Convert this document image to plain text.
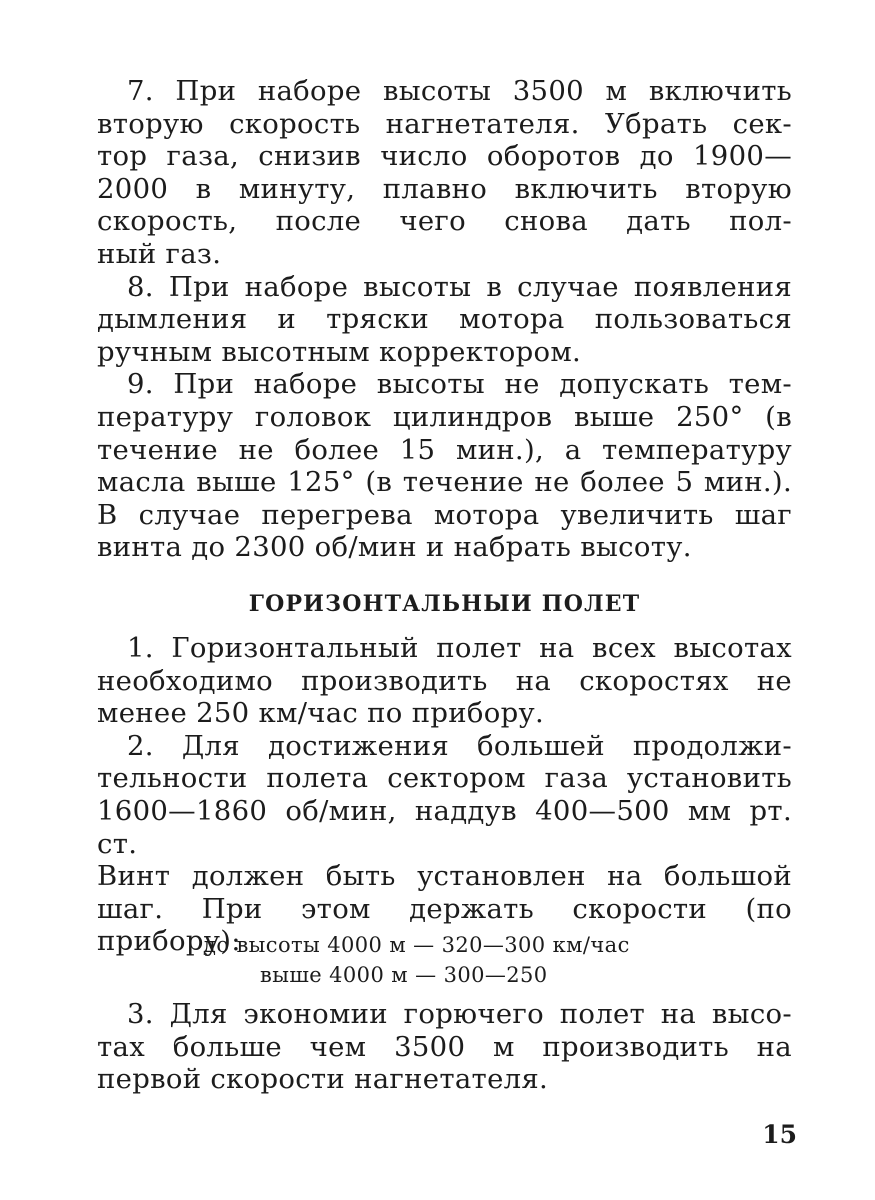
7. При наборе высоты 3500 м включить
вторую скорость нагнетателя. Убрать сек-
тор газа, снизив число оборотов до 1900—
2000 в минуту, плавно включить вторую
скорость, после чего снова дать пол-
ный газ.
8. При наборе высоты в случае появления
дымления и тряски мотора пользоваться
ручным высотным корректором.
9. При наборе высоты не допускать тем-
пературу головок цилиндров выше 250° (в
течение не более 15 мин.), а температуру
масла выше 125° (в течение не более 5 мин.).
В случае перегрева мотора увеличить шаг
винта до 2300 об/мин и набрать высоту.
ГОРИЗОНТАЛЬНЫИ ПОЛЕТ
1. Горизонтальный полет на всех высотах
необходимо производить на скоростях не
менее 250 км/час по прибору.
2. Для достижения большей продолжи-
тельности полета сектором газа установить
1600—1860 об/мин, наддув 400—500 мм рт. ст.
Винт должен быть установлен на большой
шаг. При этом держать скорости (по
прибору):
до высоты 4000 м — 320—300 км/час
выше 4000 м — 300—250
3. Для экономии горючего полет на высо-
тах больше чем 3500 м производить на
первой скорости нагнетателя.
15
